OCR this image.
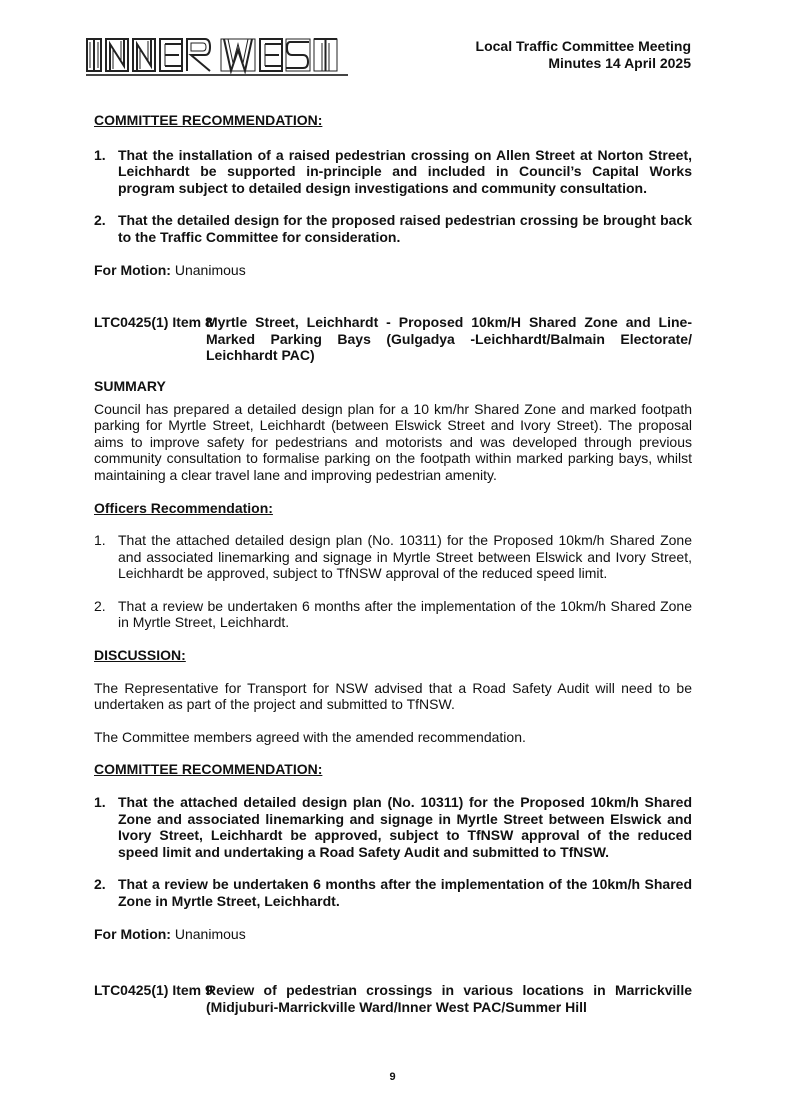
Local Traffic Committee Meeting
Minutes 14 April 2025

COMMITTEE RECOMMENDATION:

1. That the installation of a raised pedestrian crossing on Allen Street at Norton Street, Leichhardt be supported in-principle and included in Council’s Capital Works program subject to detailed design investigations and community consultation.
2. That the detailed design for the proposed raised pedestrian crossing be brought back to the Traffic Committee for consideration.

For Motion: Unanimous

LTC0425(1) Item 8
Myrtle Street, Leichhardt - Proposed 10km/H Shared Zone and Line-Marked Parking Bays (Gulgadya -Leichhardt/Balmain Electorate/ Leichhardt PAC)

SUMMARY

Council has prepared a detailed design plan for a 10 km/hr Shared Zone and marked footpath parking for Myrtle Street, Leichhardt (between Elswick Street and Ivory Street). The proposal aims to improve safety for pedestrians and motorists and was developed through previous community consultation to formalise parking on the footpath within marked parking bays, whilst maintaining a clear travel lane and improving pedestrian amenity.

Officers Recommendation:

1. That the attached detailed design plan (No. 10311) for the Proposed 10km/h Shared Zone and associated linemarking and signage in Myrtle Street between Elswick and Ivory Street, Leichhardt be approved, subject to TfNSW approval of the reduced speed limit.
2. That a review be undertaken 6 months after the implementation of the 10km/h Shared Zone in Myrtle Street, Leichhardt.

DISCUSSION:

The Representative for Transport for NSW advised that a Road Safety Audit will need to be undertaken as part of the project and submitted to TfNSW.

The Committee members agreed with the amended recommendation.

COMMITTEE RECOMMENDATION:

1. That the attached detailed design plan (No. 10311) for the Proposed 10km/h Shared Zone and associated linemarking and signage in Myrtle Street between Elswick and Ivory Street, Leichhardt be approved, subject to TfNSW approval of the reduced speed limit and undertaking a Road Safety Audit and submitted to TfNSW.
2. That a review be undertaken 6 months after the implementation of the 10km/h Shared Zone in Myrtle Street, Leichhardt.

For Motion: Unanimous

LTC0425(1) Item 9
Review of pedestrian crossings in various locations in Marrickville (Midjuburi-Marrickville Ward/Inner West PAC/Summer Hill

9
